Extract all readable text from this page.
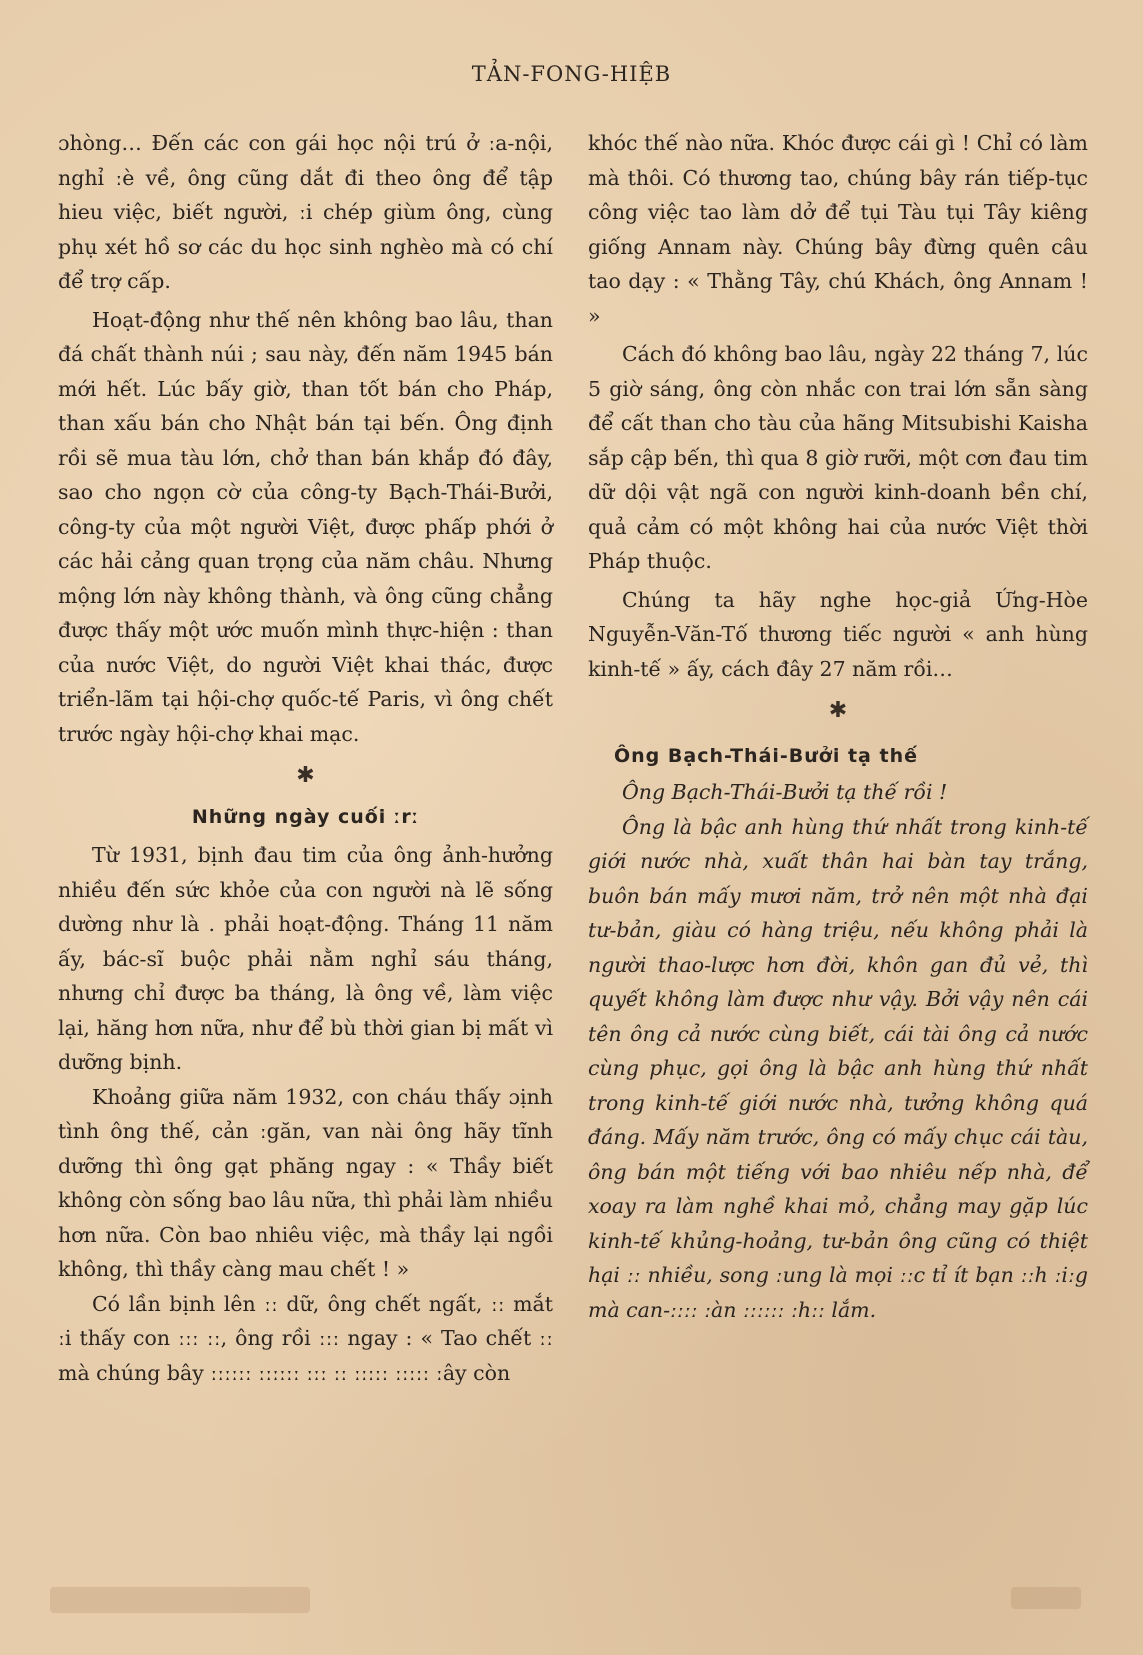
TẢN-FONG-HIỆB

ɔhòng… Đến các con gái học nội trú ở ːa-nội, nghỉ ːè về, ông cũng dắt đi theo ông để tập hieu việc, biết người, ːi chép giùm ông, cùng phụ xét hồ sơ các du học sinh nghèo mà có chí để trợ cấp.

Hoạt-động như thế nên không bao lâu, than đá chất thành núi ; sau này, đến năm 1945 bán mới hết. Lúc bấy giờ, than tốt bán cho Pháp, than xấu bán cho Nhật bán tại bến. Ông định rồi sẽ mua tàu lớn, chở than bán khắp đó đây, sao cho ngọn cờ của công-ty Bạch-Thái-Bưởi, công-ty của một người Việt, được phấp phới ở các hải cảng quan trọng của năm châu. Nhưng mộng lớn này không thành, và ông cũng chẳng được thấy một ước muốn mình thực-hiện : than của nước Việt, do người Việt khai thác, được triển-lãm tại hội-chợ quốc-tế Paris, vì ông chết trước ngày hội-chợ khai mạc.

✱
Những ngày cuối ːrː

Từ 1931, bịnh đau tim của ông ảnh-hưởng nhiều đến sức khỏe của con người nà lẽ sống dường như là . phải hoạt-động. Tháng 11 năm ấy, bác-sĩ buộc phải nằm nghỉ sáu tháng, nhưng chỉ được ba tháng, là ông về, làm việc lại, hăng hơn nữa, như để bù thời gian bị mất vì dưỡng bịnh.

Khoảng giữa năm 1932, con cháu thấy ɔịnh tình ông thế, cản ːgăn, van nài ông hãy tĩnh dưỡng thì ông gạt phăng ngay : « Thầy biết không còn sống bao lâu nữa, thì phải làm nhiều hơn nữa. Còn bao nhiêu việc, mà thầy lại ngồi không, thì thầy càng mau chết ! »

Có lần bịnh lên ːː dữ, ông chết ngất, ːː mắt ːi thấy con ːːː ːː, ông rồi ːːː ngay : « Tao chết ːː mà chúng bây ːːːːːː ːːːːːː ːːː ːː ːːːːː ːːːːː ːây còn

khóc thế nào nữa. Khóc được cái gì ! Chỉ có làm mà thôi. Có thương tao, chúng bây rán tiếp-tục công việc tao làm dở để tụi Tàu tụi Tây kiêng giống Annam này. Chúng bây đừng quên câu tao dạy : « Thằng Tây, chú Khách, ông Annam ! »

Cách đó không bao lâu, ngày 22 tháng 7, lúc 5 giờ sáng, ông còn nhắc con trai lớn sẵn sàng để cất than cho tàu của hãng Mitsubishi Kaisha sắp cập bến, thì qua 8 giờ rưỡi, một cơn đau tim dữ dội vật ngã con người kinh-doanh bền chí, quả cảm có một không hai của nước Việt thời Pháp thuộc.

Chúng ta hãy nghe học-giả Ứng-Hòe Nguyễn-Văn-Tố thương tiếc người « anh hùng kinh-tế » ấy, cách đây 27 năm rồi…

✱
Ông Bạch-Thái-Bưởi tạ thế

Ông Bạch-Thái-Bưởi tạ thế rồi !

Ông là bậc anh hùng thứ nhất trong kinh-tế giới nước nhà, xuất thân hai bàn tay trắng, buôn bán mấy mươi năm, trở nên một nhà đại tư-bản, giàu có hàng triệu, nếu không phải là người thao-lược hơn đời, khôn gan đủ vẻ, thì quyết không làm được như vậy. Bởi vậy nên cái tên ông cả nước cùng biết, cái tài ông cả nước cùng phục, gọi ông là bậc anh hùng thứ nhất trong kinh-tế giới nước nhà, tưởng không quá đáng. Mấy năm trước, ông có mấy chục cái tàu, ông bán một tiếng với bao nhiêu nếp nhà, để xoay ra làm nghề khai mỏ, chẳng may gặp lúc kinh-tế khủng-hoảng, tư-bản ông cũng có thiệt hại ːː nhiều, song ːung là mọi ːːc tỉ ít bạn ːːh ːiːg mà can-ːːːː ːàn ːːːːːː ːhːː lắm.
